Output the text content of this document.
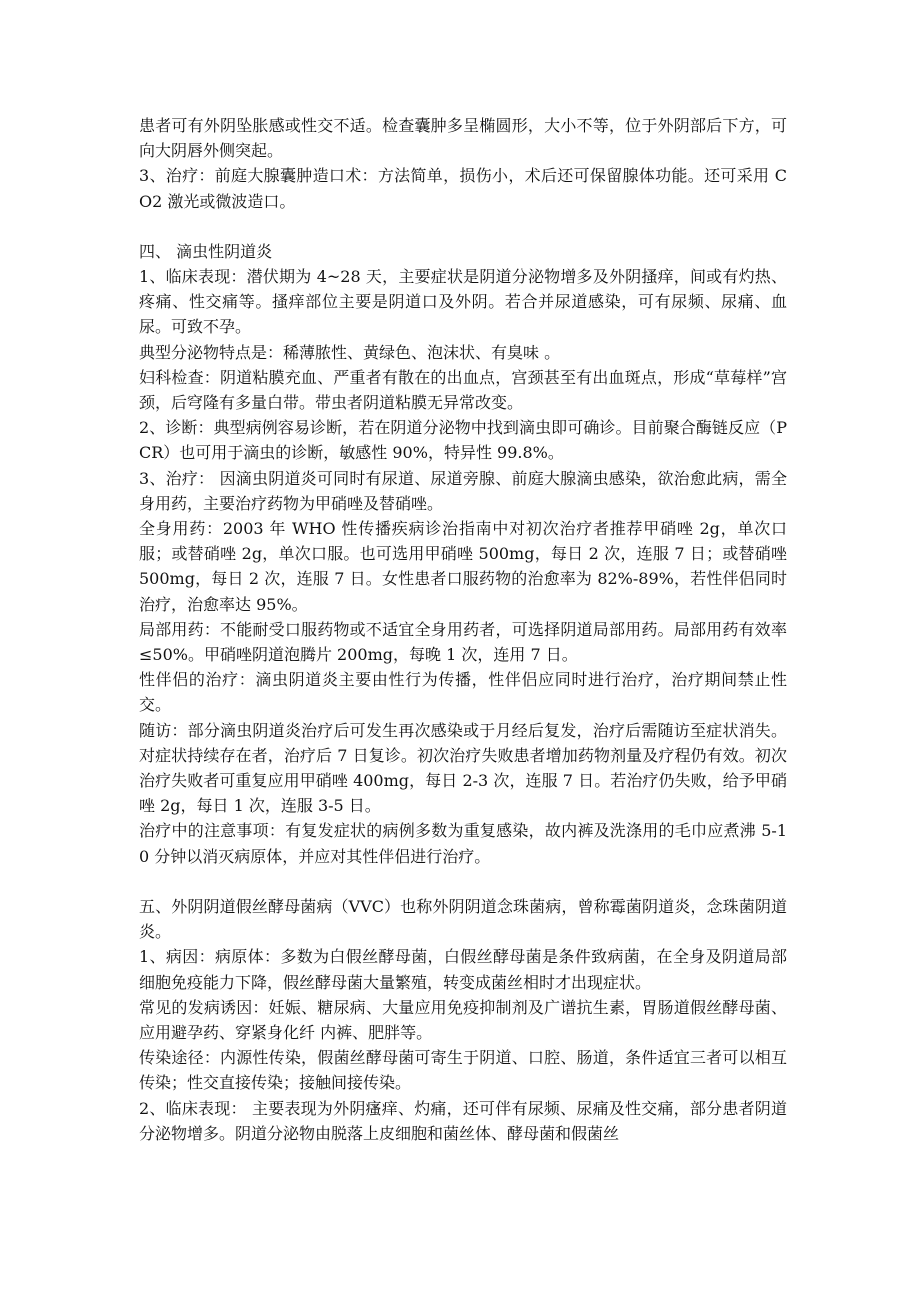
患者可有外阴坠胀感或性交不适。检查囊肿多呈椭圆形，大小不等，位于外阴部后下方，可向大阴唇外侧突起。

3、治疗：前庭大腺囊肿造口术：方法简单，损伤小，术后还可保留腺体功能。还可采用 CO2 激光或微波造口。

四、 滴虫性阴道炎

1、临床表现：潜伏期为 4~28 天，主要症状是阴道分泌物增多及外阴搔痒，间或有灼热、疼痛、性交痛等。搔痒部位主要是阴道口及外阴。若合并尿道感染，可有尿频、尿痛、血尿。可致不孕。

典型分泌物特点是：稀薄脓性、黄绿色、泡沫状、有臭味 。

妇科检查：阴道粘膜充血、严重者有散在的出血点，宫颈甚至有出血斑点，形成“草莓样”宫颈，后穹隆有多量白带。带虫者阴道粘膜无异常改变。

2、诊断：典型病例容易诊断，若在阴道分泌物中找到滴虫即可确诊。目前聚合酶链反应（PCR）也可用于滴虫的诊断，敏感性 90%，特异性 99.8%。

3、治疗： 因滴虫阴道炎可同时有尿道、尿道旁腺、前庭大腺滴虫感染，欲治愈此病，需全身用药，主要治疗药物为甲硝唑及替硝唑。

全身用药：2003 年 WHO 性传播疾病诊治指南中对初次治疗者推荐甲硝唑 2g，单次口服；或替硝唑 2g，单次口服。也可选用甲硝唑 500mg，每日 2 次，连服 7 日；或替硝唑 500mg，每日 2 次，连服 7 日。女性患者口服药物的治愈率为 82%-89%，若性伴侣同时治疗，治愈率达 95%。

局部用药：不能耐受口服药物或不适宜全身用药者，可选择阴道局部用药。局部用药有效率≤50%。甲硝唑阴道泡腾片 200mg，每晚 1 次，连用 7 日。

性伴侣的治疗：滴虫阴道炎主要由性行为传播，性伴侣应同时进行治疗，治疗期间禁止性交。

随访：部分滴虫阴道炎治疗后可发生再次感染或于月经后复发，治疗后需随访至症状消失。对症状持续存在者，治疗后 7 日复诊。初次治疗失败患者增加药物剂量及疗程仍有效。初次治疗失败者可重复应用甲硝唑 400mg，每日 2-3 次，连服 7 日。若治疗仍失败，给予甲硝唑 2g，每日 1 次，连服 3-5 日。

治疗中的注意事项：有复发症状的病例多数为重复感染，故内裤及洗涤用的毛巾应煮沸 5-10 分钟以消灭病原体，并应对其性伴侣进行治疗。

五、外阴阴道假丝酵母菌病（VVC）也称外阴阴道念珠菌病，曾称霉菌阴道炎，念珠菌阴道炎。

1、病因：病原体：多数为白假丝酵母菌，白假丝酵母菌是条件致病菌，在全身及阴道局部细胞免疫能力下降，假丝酵母菌大量繁殖，转变成菌丝相时才出现症状。

常见的发病诱因：妊娠、糖尿病、大量应用免疫抑制剂及广谱抗生素，胃肠道假丝酵母菌、应用避孕药、穿紧身化纤 内裤、肥胖等。

传染途径：内源性传染，假菌丝酵母菌可寄生于阴道、口腔、肠道，条件适宜三者可以相互传染；性交直接传染；接触间接传染。

2、临床表现： 主要表现为外阴瘙痒、灼痛，还可伴有尿频、尿痛及性交痛，部分患者阴道分泌物增多。阴道分泌物由脱落上皮细胞和菌丝体、酵母菌和假菌丝
